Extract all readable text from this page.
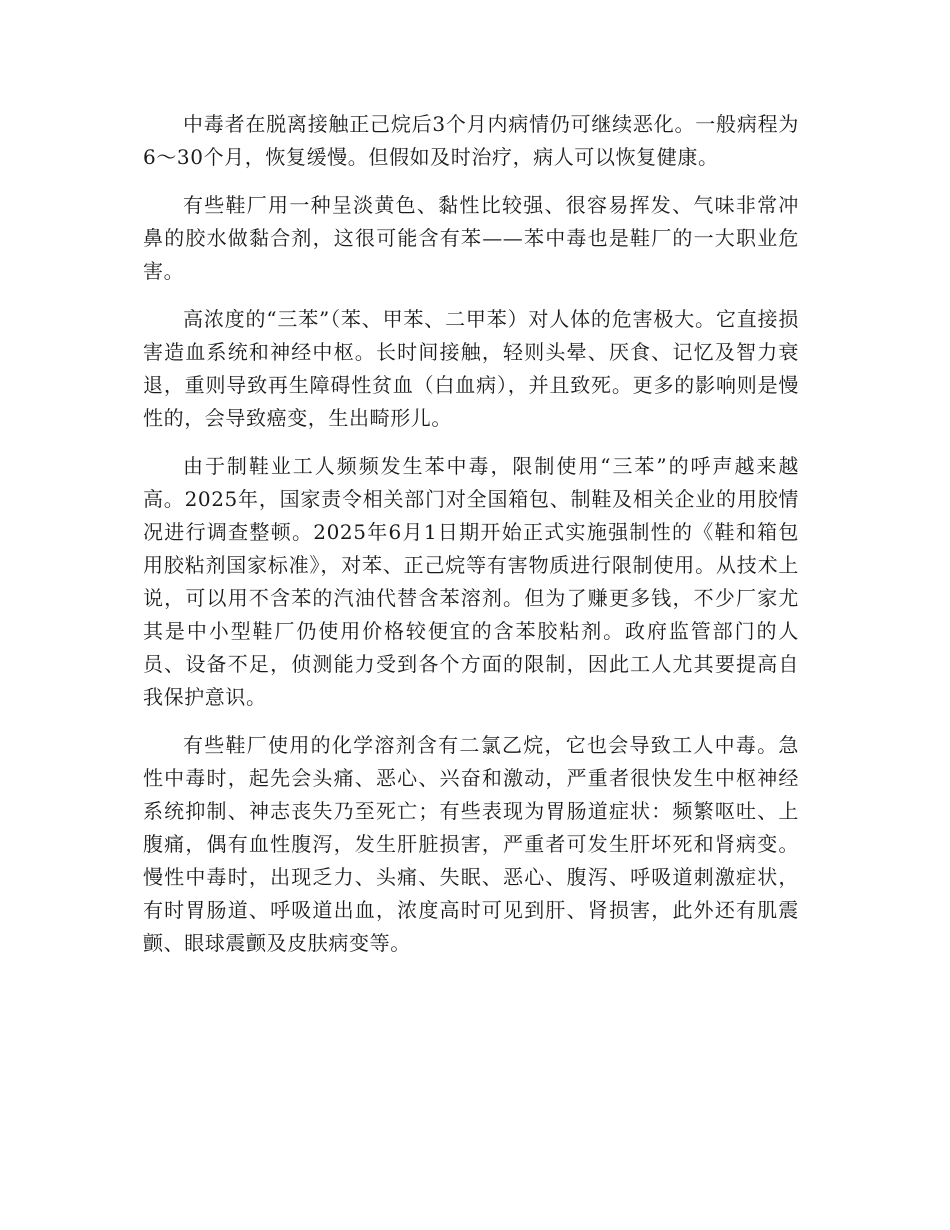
中毒者在脱离接触正己烷后3个月内病情仍可继续恶化。一般病程为6～30个月，恢复缓慢。但假如及时治疗，病人可以恢复健康。

有些鞋厂用一种呈淡黄色、黏性比较强、很容易挥发、气味非常冲鼻的胶水做黏合剂，这很可能含有苯——苯中毒也是鞋厂的一大职业危害。

高浓度的“三苯”（苯、甲苯、二甲苯）对人体的危害极大。它直接损害造血系统和神经中枢。长时间接触，轻则头晕、厌食、记忆及智力衰退，重则导致再生障碍性贫血（白血病），并且致死。更多的影响则是慢性的，会导致癌变，生出畸形儿。

由于制鞋业工人频频发生苯中毒，限制使用“三苯”的呼声越来越高。2025年，国家责令相关部门对全国箱包、制鞋及相关企业的用胶情况进行调查整顿。2025年6月1日期开始正式实施强制性的《鞋和箱包用胶粘剂国家标准》，对苯、正己烷等有害物质进行限制使用。从技术上说，可以用不含苯的汽油代替含苯溶剂。但为了赚更多钱，不少厂家尤其是中小型鞋厂仍使用价格较便宜的含苯胶粘剂。政府监管部门的人员、设备不足，侦测能力受到各个方面的限制，因此工人尤其要提高自我保护意识。

有些鞋厂使用的化学溶剂含有二氯乙烷，它也会导致工人中毒。急性中毒时，起先会头痛、恶心、兴奋和激动，严重者很快发生中枢神经系统抑制、神志丧失乃至死亡；有些表现为胃肠道症状：频繁呕吐、上腹痛，偶有血性腹泻，发生肝脏损害，严重者可发生肝坏死和肾病变。慢性中毒时，出现乏力、头痛、失眠、恶心、腹泻、呼吸道刺激症状，有时胃肠道、呼吸道出血，浓度高时可见到肝、肾损害，此外还有肌震颤、眼球震颤及皮肤病变等。
